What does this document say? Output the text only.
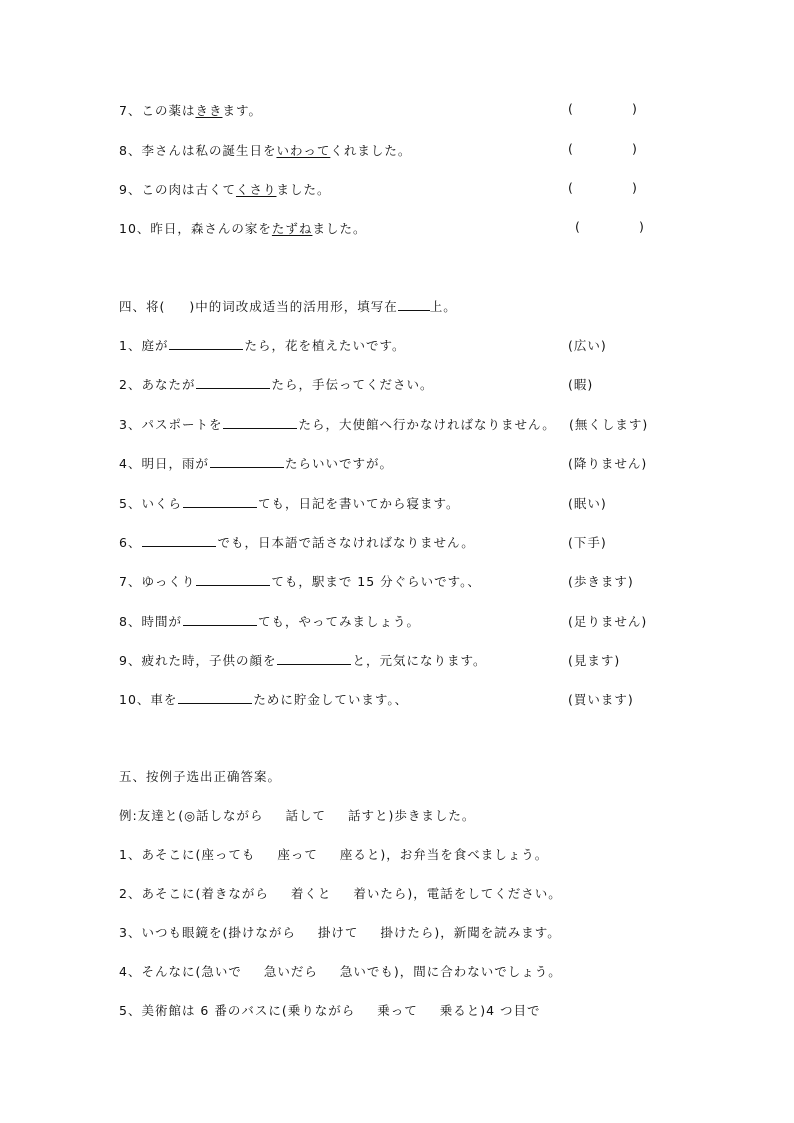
7、この薬はききます。	(	)
8、李さんは私の誕生日をいわってくれました。	(	)
9、この肉は古くてくさりました。	(	)
10、昨日，森さんの家をたずねました。	(	)
四、将( )中的词改成适当的活用形，填写在	上。
1、庭が	たら，花を植えたいです。	(広い)
2、あなたが	たら，手伝ってください。	(暇)
3、パスポートを	たら，大使館へ行かなければなりません。 (無くします)
4、明日，雨が	たらいいですが。	(降りません)
5、いくら	ても，日記を書いてから寝ます。	(眠い)
6、	でも，日本語で話さなければなりません。	(下手)
7、ゆっくり	ても，駅まで 15 分ぐらいです。、	(歩きます)
8、時間が	ても，やってみましょう。	(足りません)
9、疲れた時，子供の顔を	と，元気になります。	(見ます)
10、車を	ために貯金しています。、	(買います)
五、按例子选出正确答案。
例:友達と(◎話しながら 話して 話すと)歩きました。
1、あそこに(座っても 座って 座ると)，お弁当を食べましょう。
2、あそこに(着きながら 着くと 着いたら)，電話をしてください。
3、いつも眼鏡を(掛けながら 掛けて 掛けたら)，新聞を読みます。
4、そんなに(急いで 急いだら 急いでも)，間に合わないでしょう。
5、美術館は 6 番のバスに(乗りながら 乗って 乗ると)4 つ目で
